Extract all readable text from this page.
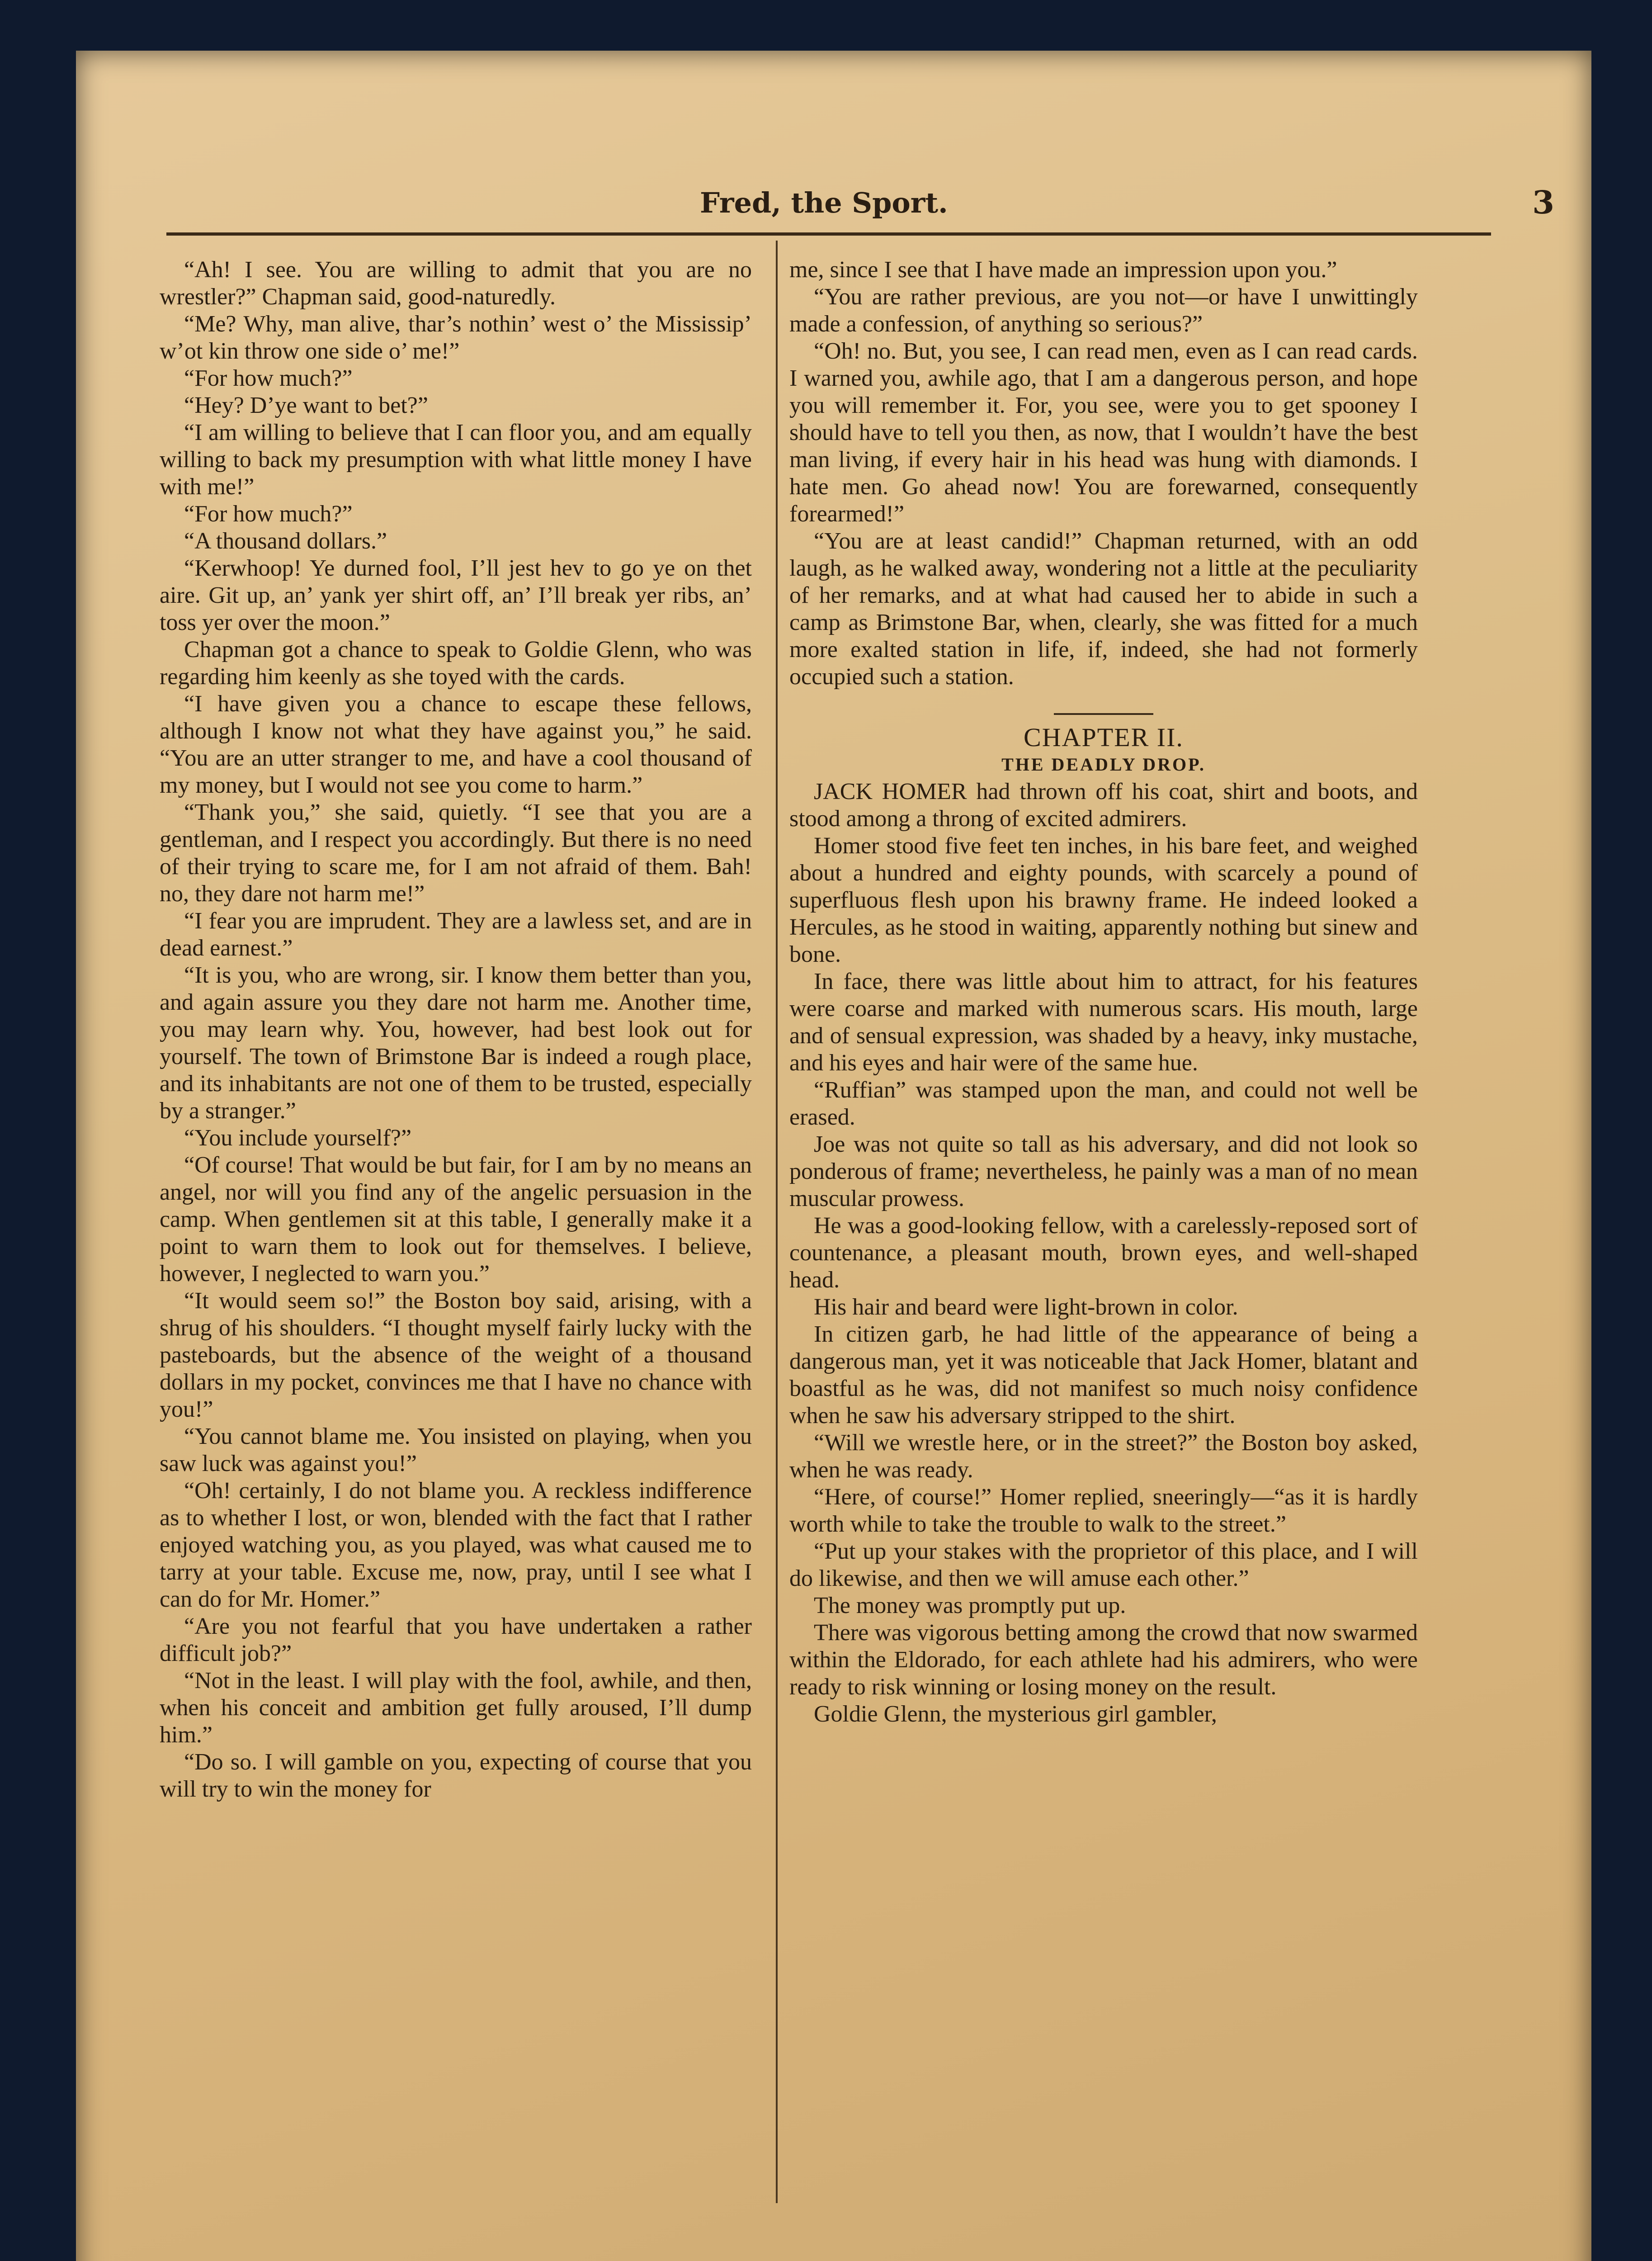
Fred, the Sport.	3

“Ah! I see. You are willing to admit that you are no wrestler?” Chapman said, good-naturedly.

“Me? Why, man alive, thar’s nothin’ west o’ the Mississip’ w’ot kin throw one side o’ me!”

“For how much?”

“Hey? D’ye want to bet?”

“I am willing to believe that I can floor you, and am equally willing to back my presumption with what little money I have with me!”

“For how much?”

“A thousand dollars.”

“Kerwhoop! Ye durned fool, I’ll jest hev to go ye on thet aire. Git up, an’ yank yer shirt off, an’ I’ll break yer ribs, an’ toss yer over the moon.”

Chapman got a chance to speak to Goldie Glenn, who was regarding him keenly as she toyed with the cards.

“I have given you a chance to escape these fellows, although I know not what they have against you,” he said. “You are an utter stranger to me, and have a cool thousand of my money, but I would not see you come to harm.”

“Thank you,” she said, quietly. “I see that you are a gentleman, and I respect you accordingly. But there is no need of their trying to scare me, for I am not afraid of them. Bah! no, they dare not harm me!”

“I fear you are imprudent. They are a lawless set, and are in dead earnest.”

“It is you, who are wrong, sir. I know them better than you, and again assure you they dare not harm me. Another time, you may learn why. You, however, had best look out for yourself. The town of Brimstone Bar is indeed a rough place, and its inhabitants are not one of them to be trusted, especially by a stranger.”

“You include yourself?”

“Of course! That would be but fair, for I am by no means an angel, nor will you find any of the angelic persuasion in the camp. When gentlemen sit at this table, I generally make it a point to warn them to look out for themselves. I believe, however, I neglected to warn you.”

“It would seem so!” the Boston boy said, arising, with a shrug of his shoulders. “I thought myself fairly lucky with the pasteboards, but the absence of the weight of a thousand dollars in my pocket, convinces me that I have no chance with you!”

“You cannot blame me. You insisted on playing, when you saw luck was against you!”

“Oh! certainly, I do not blame you. A reckless indifference as to whether I lost, or won, blended with the fact that I rather enjoyed watching you, as you played, was what caused me to tarry at your table. Excuse me, now, pray, until I see what I can do for Mr. Homer.”

“Are you not fearful that you have undertaken a rather difficult job?”

“Not in the least. I will play with the fool, awhile, and then, when his conceit and ambition get fully aroused, I’ll dump him.”

“Do so. I will gamble on you, expecting of course that you will try to win the money for

me, since I see that I have made an impression upon you.”

“You are rather previous, are you not—or have I unwittingly made a confession, of anything so serious?”

“Oh! no. But, you see, I can read men, even as I can read cards. I warned you, awhile ago, that I am a dangerous person, and hope you will remember it. For, you see, were you to get spooney I should have to tell you then, as now, that I wouldn’t have the best man living, if every hair in his head was hung with diamonds. I hate men. Go ahead now! You are forewarned, consequently forearmed!”

“You are at least candid!” Chapman returned, with an odd laugh, as he walked away, wondering not a little at the peculiarity of her remarks, and at what had caused her to abide in such a camp as Brimstone Bar, when, clearly, she was fitted for a much more exalted station in life, if, indeed, she had not formerly occupied such a station.

CHAPTER II.
THE DEADLY DROP.

JACK HOMER had thrown off his coat, shirt and boots, and stood among a throng of excited admirers.

Homer stood five feet ten inches, in his bare feet, and weighed about a hundred and eighty pounds, with scarcely a pound of superfluous flesh upon his brawny frame. He indeed looked a Hercules, as he stood in waiting, apparently nothing but sinew and bone.

In face, there was little about him to attract, for his features were coarse and marked with numerous scars. His mouth, large and of sensual expression, was shaded by a heavy, inky mustache, and his eyes and hair were of the same hue.

“Ruffian” was stamped upon the man, and could not well be erased.

Joe was not quite so tall as his adversary, and did not look so ponderous of frame; nevertheless, he painly was a man of no mean muscular prowess.

He was a good-looking fellow, with a carelessly-reposed sort of countenance, a pleasant mouth, brown eyes, and well-shaped head.

His hair and beard were light-brown in color.

In citizen garb, he had little of the appearance of being a dangerous man, yet it was noticeable that Jack Homer, blatant and boastful as he was, did not manifest so much noisy confidence when he saw his adversary stripped to the shirt.

“Will we wrestle here, or in the street?” the Boston boy asked, when he was ready.

“Here, of course!” Homer replied, sneeringly—“as it is hardly worth while to take the trouble to walk to the street.”

“Put up your stakes with the proprietor of this place, and I will do likewise, and then we will amuse each other.”

The money was promptly put up.

There was vigorous betting among the crowd that now swarmed within the Eldorado, for each athlete had his admirers, who were ready to risk winning or losing money on the result.

Goldie Glenn, the mysterious girl gambler,
